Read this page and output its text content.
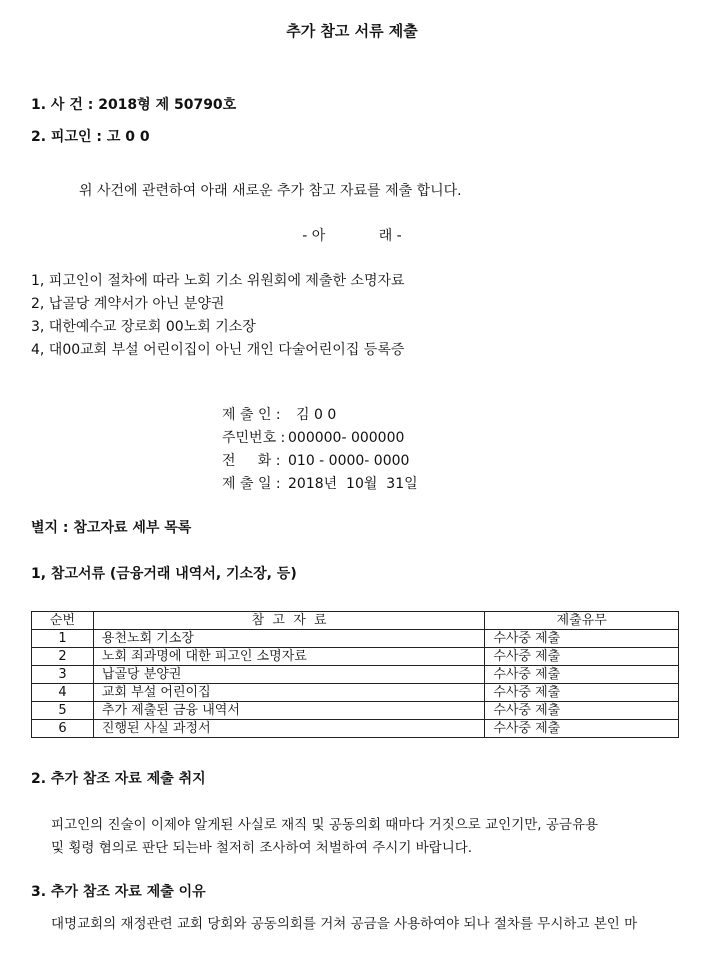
추가 참고 서류 제출
1. 사 건 : 2018형 제 50790호
2. 피고인 : 고 0 0
위 사건에 관련하여 아래 새로운 추가 참고 자료를 제출 합니다.
- 아            래 -
1, 피고인이 절차에 따라 노회 기소 위원회에 제출한 소명자료
2, 납골당 계약서가 아닌 분양권
3, 대한예수교 장로회 00노회 기소장
4, 대00교회 부설 어린이집이 아닌 개인 다술어린이집 등록증
제 출 인 : 김 0 0
주민번호 : 000000- 000000
전     화 : 010 - 0000- 0000
제 출 일 : 2018년  10월  31일
별지 : 참고자료 세부 목록
1, 참고서류 (금융거래 내역서, 기소장, 등)
순번	참  고  자  료	제출유무
1	용천노회 기소장	수사중 제출
2	노회 죄과명에 대한 피고인 소명자료	수사중 제출
3	납골당 분양권	수사중 제출
4	교회 부설 어린이집	수사중 제출
5	추가 제출된 금융 내역서	수사중 제출
6	진행된 사실 과정서	수사중 제출
2. 추가 참조 자료 제출 취지
피고인의 진술이 이제야 알게된 사실로 재직 및 공동의회 때마다 거짓으로 교인기만, 공금유용
및 횡령 혐의로 판단 되는바 철저히 조사하여 처벌하여 주시기 바랍니다.
3. 추가 참조 자료 제출 이유
대명교회의 재정관련 교회 당회와 공동의회를 거쳐 공금을 사용하여야 되나 절차를 무시하고 본인 마
